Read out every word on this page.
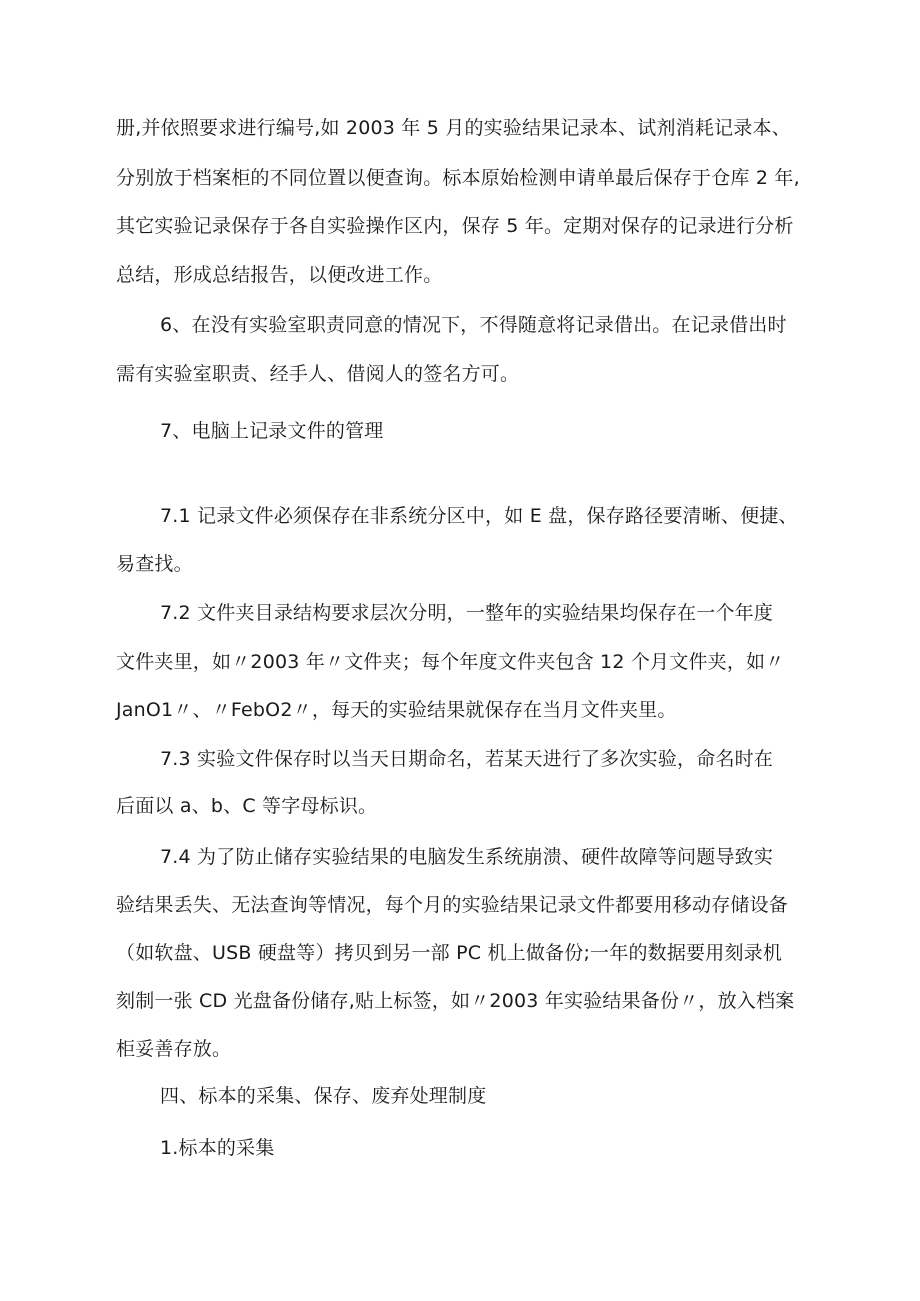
册,并依照要求进行编号,如 2003 年 5 月的实验结果记录本、试剂消耗记录本、
分别放于档案柜的不同位置以便查询。标本原始检测申请单最后保存于仓库 2 年,
其它实验记录保存于各自实验操作区内，保存 5 年。定期对保存的记录进行分析
总结，形成总结报告，以便改进工作。
6、在没有实验室职责同意的情况下，不得随意将记录借出。在记录借出时
需有实验室职责、经手人、借阅人的签名方可。
7、电脑上记录文件的管理
7.1 记录文件必须保存在非系统分区中，如 E 盘，保存路径要清晰、便捷、
易查找。
7.2 文件夹目录结构要求层次分明，一整年的实验结果均保存在一个年度
文件夹里，如〃2003 年〃文件夹；每个年度文件夹包含 12 个月文件夹，如〃
JanO1〃、〃FebO2〃，每天的实验结果就保存在当月文件夹里。
7.3 实验文件保存时以当天日期命名，若某天进行了多次实验，命名时在
后面以 a、b、C 等字母标识。
7.4 为了防止储存实验结果的电脑发生系统崩溃、硬件故障等问题导致实
验结果丢失、无法查询等情况，每个月的实验结果记录文件都要用移动存储设备
（如软盘、USB 硬盘等）拷贝到另一部 PC 机上做备份;一年的数据要用刻录机
刻制一张 CD 光盘备份储存,贴上标签，如〃2003 年实验结果备份〃，放入档案
柜妥善存放。
四、标本的采集、保存、废弃处理制度
1.标本的采集
